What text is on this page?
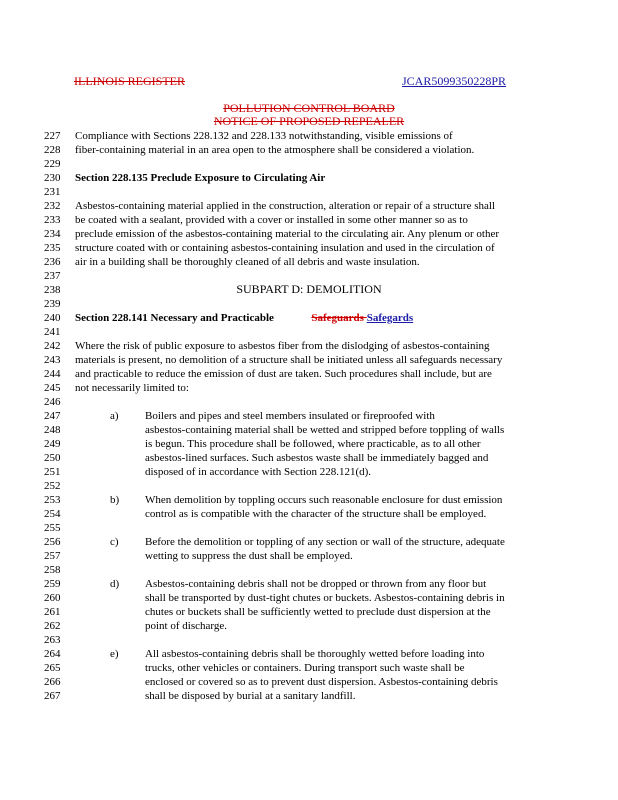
ILLINOIS REGISTER	JCAR5099350228PR
POLLUTION CONTROL BOARD
NOTICE OF PROPOSED REPEALER
227
228
229
230
231
232
233
234
235
236
237
238
239
240
241
242
243
244
245
246
247
248
249
250
251
252
253
254
255
256
257
258
259
260
261
262
263
264
265
266
267
Compliance with Sections 228.132 and 228.133 notwithstanding, visible emissions of
fiber-containing material in an area open to the atmosphere shall be considered a violation.
Section 228.135 Preclude Exposure to Circulating Air
Asbestos-containing material applied in the construction, alteration or repair of a structure shall
be coated with a sealant, provided with a cover or installed in some other manner so as to
preclude emission of the asbestos-containing material to the circulating air. Any plenum or other
structure coated with or containing asbestos-containing insulation and used in the circulation of
air in a building shall be thoroughly cleaned of all debris and waste insulation.
SUBPART D: DEMOLITION
Section 228.141 Necessary and Practicable	Safeguards Safegards
Where the risk of public exposure to asbestos fiber from the dislodging of asbestos-containing
materials is present, no demolition of a structure shall be initiated unless all safeguards necessary
and practicable to reduce the emission of dust are taken. Such procedures shall include, but are
not necessarily limited to:
a) Boilers and pipes and steel members insulated or fireproofed with
asbestos-containing material shall be wetted and stripped before toppling of walls
is begun. This procedure shall be followed, where practicable, as to all other
asbestos-lined surfaces. Such asbestos waste shall be immediately bagged and
disposed of in accordance with Section 228.121(d).
b) When demolition by toppling occurs such reasonable enclosure for dust emission
control as is compatible with the character of the structure shall be employed.
c) Before the demolition or toppling of any section or wall of the structure, adequate
wetting to suppress the dust shall be employed.
d) Asbestos-containing debris shall not be dropped or thrown from any floor but
shall be transported by dust-tight chutes or buckets. Asbestos-containing debris in
chutes or buckets shall be sufficiently wetted to preclude dust dispersion at the
point of discharge.
e) All asbestos-containing debris shall be thoroughly wetted before loading into
trucks, other vehicles or containers. During transport such waste shall be
enclosed or covered so as to prevent dust dispersion. Asbestos-containing debris
shall be disposed by burial at a sanitary landfill.
